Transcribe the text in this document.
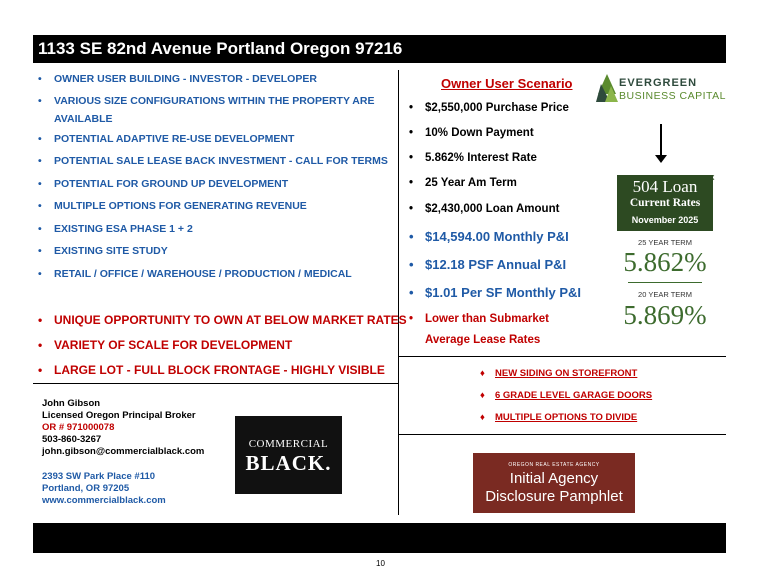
1133 SE 82nd Avenue Portland Oregon 97216
• OWNER USER BUILDING - INVESTOR - DEVELOPER
• VARIOUS SIZE CONFIGURATIONS WITHIN THE PROPERTY ARE AVAILABLE
• POTENTIAL ADAPTIVE RE-USE DEVELOPMENT
• POTENTIAL SALE LEASE BACK INVESTMENT - CALL FOR TERMS
• POTENTIAL FOR GROUND UP DEVELOPMENT
• MULTIPLE OPTIONS FOR GENERATING REVENUE
• EXISTING ESA PHASE 1 + 2
• EXISTING SITE STUDY
• RETAIL / OFFICE / WAREHOUSE / PRODUCTION / MEDICAL
• UNIQUE OPPORTUNITY TO OWN AT BELOW MARKET RATES
• VARIETY OF SCALE FOR DEVELOPMENT
• LARGE LOT - FULL BLOCK FRONTAGE - HIGHLY VISIBLE
Owner User Scenario
• $2,550,000 Purchase Price
• 10% Down Payment
• 5.862% Interest Rate
• 25 Year Am Term
• $2,430,000 Loan Amount
• $14,594.00 Monthly P&I
• $12.18 PSF Annual P&I
• $1.01 Per SF Monthly P&I
• Lower than Submarket Average Lease Rates
EVERGREEN
BUSINESS CAPITAL
504 Loan
Current Rates
November 2025
x
25 YEAR TERM
5.862%
20 YEAR TERM
5.869%
John Gibson
Licensed Oregon Principal Broker
OR # 971000078
503-860-3267
john.gibson@commercialblack.com
2393 SW Park Place #110
Portland, OR 97205
www.commercialblack.com
COMMERCIAL
BLACK.
♦ NEW SIDING ON STOREFRONT
♦ 6 GRADE LEVEL GARAGE DOORS
♦ MULTIPLE OPTIONS TO DIVIDE
OREGON REAL ESTATE AGENCY
Initial Agency
Disclosure Pamphlet
10
